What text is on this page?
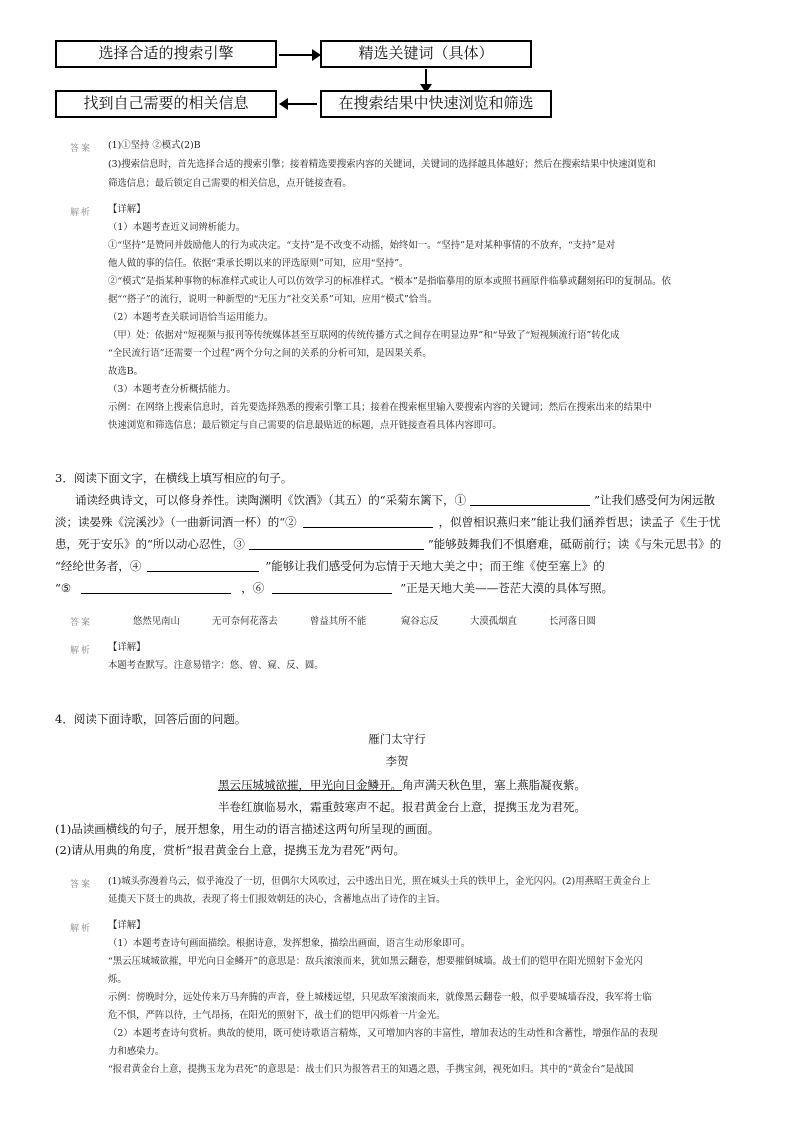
选择合适的搜索引擎	精选关键词（具体）
在搜索结果中快速浏览和筛选
找到自己需要的相关信息
答案 (1)①坚持 ②模式(2)B
(3)搜索信息时，首先选择合适的搜索引擎；接着精选要搜索内容的关键词，关键词的选择越具体越好；然后在搜索结果中快速浏览和
筛选信息；最后锁定自己需要的相关信息，点开链接查看。
解析 【详解】
（1）本题考查近义词辨析能力。
①“坚持”是赞同并鼓励他人的行为或决定。“支持”是不改变不动摇，始终如一。“坚持”是对某种事情的不放弃，“支持”是对
他人做的事的信任。依据“秉承长期以来的评选原则”可知，应用“坚持”。
②“模式”是指某种事物的标准样式或让人可以仿效学习的标准样式。“模本”是指临摹用的原本或照书画原件临摹或翻刻拓印的复制品。依
据““搭子”的流行，说明一种新型的“无压力”社交关系”可知，应用“模式”恰当。
（2）本题考查关联词语恰当运用能力。
（甲）处：依据对“短视频与报刊等传统媒体甚至互联网的传统传播方式之间存在明显边界”和“导致了“短视频流行语”转化成
“全民流行语”还需要一个过程”两个分句之间的关系的分析可知，是因果关系。
故选B。
（3）本题考查分析概括能力。
示例：在网络上搜索信息时，首先要选择熟悉的搜索引擎工具；接着在搜索框里输入要搜索内容的关键词；然后在搜索出来的结果中
快速浏览和筛选信息；最后锁定与自己需要的信息最贴近的标题，点开链接查看具体内容即可。
3．阅读下面文字，在横线上填写相应的句子。
诵读经典诗文，可以修身养性。读陶渊明《饮酒》（其五）的“采菊东篱下，①	”让我们感受何为闲远散
淡；读晏殊《浣溪沙》（一曲新词酒一杯）的“②	，似曾相识燕归来”能让我们涵养哲思；读孟子《生于忧
患，死于安乐》的“所以动心忍性，③	”能够鼓舞我们不惧磨难，砥砺前行；读《与朱元思书》的
“经纶世务者，④	”能够让我们感受何为忘情于天地大美之中；而王维《使至塞上》的
“⑤	，⑥	”正是天地大美——苍茫大漠的具体写照。
答案	悠然见南山	无可奈何花落去	曾益其所不能	窥谷忘反	大漠孤烟直	长河落日圆
解析 【详解】
本题考查默写。注意易错字：悠、曾、窥、反、圆。
4．阅读下面诗歌，回答后面的问题。
雁门太守行
李贺
黑云压城城欲摧，甲光向日金鳞开。角声满天秋色里，塞上燕脂凝夜紫。
半卷红旗临易水，霜重鼓寒声不起。报君黄金台上意，提携玉龙为君死。
(1)品读画横线的句子，展开想象，用生动的语言描述这两句所呈现的画面。
(2)请从用典的角度，赏析“报君黄金台上意，提携玉龙为君死”两句。
答案 (1)城头弥漫着乌云，似乎淹没了一切，但偶尔大风吹过，云中透出日光，照在城头士兵的铁甲上，金光闪闪。(2)用燕昭王黄金台上
延揽天下贤士的典故，表现了将士们报效朝廷的决心，含蓄地点出了诗作的主旨。
解析 【详解】
（1）本题考查诗句画面描绘。根据诗意，发挥想象，描绘出画面，语言生动形象即可。
“黑云压城城欲摧，甲光向日金鳞开”的意思是：敌兵滚滚而来，犹如黑云翻卷，想要摧倒城墙。战士们的铠甲在阳光照射下金光闪
烁。
示例：傍晚时分，远处传来万马奔腾的声音，登上城楼远望，只见敌军滚滚而来，就像黑云翻卷一般，似乎要城墙吞没，我军将士临
危不惧，严阵以待，士气昂扬，在阳光的照射下，战士们的铠甲闪烁着一片金光。
（2）本题考查诗句赏析。典故的使用，既可使诗歌语言精炼，又可增加内容的丰富性，增加表达的生动性和含蓄性，增强作品的表现
力和感染力。
“报君黄金台上意，提携玉龙为君死”的意思是：战士们只为报答君王的知遇之恩，手携宝剑，视死如归。其中的“黄金台”是战国
